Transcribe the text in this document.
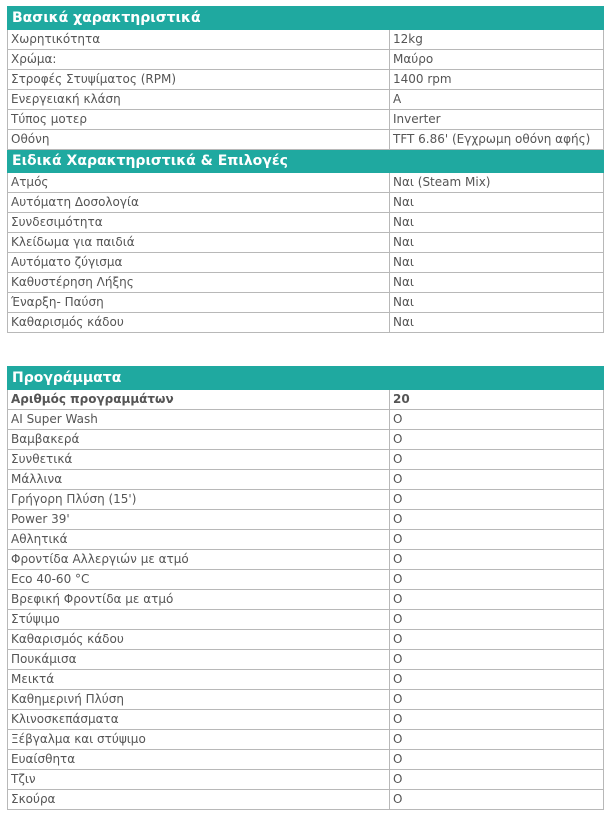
Βασικά χαρακτηριστικά	
Χωρητικότητα	12kg
Χρώμα:	Μαύρο
Στροφές Στυψίματος (RPM)	1400 rpm
Ενεργειακή κλάση	A
Τύπος μοτερ	Inverter
Οθόνη	TFT 6.86' (Εγχρωμη οθόνη αφής)
Ειδικά Χαρακτηριστικά & Επιλογές	
Ατμός	Ναι (Steam Mix)
Αυτόματη Δοσολογία	Ναι
Συνδεσιμότητα	Ναι
Κλείδωμα για παιδιά	Ναι
Αυτόματο ζύγισμα	Ναι
Καθυστέρηση Λήξης	Ναι
Έναρξη- Παύση	Ναι
Καθαρισμός κάδου	Ναι
Προγράμματα	
Αριθμός προγραμμάτων	20
AI Super Wash	O
Βαμβακερά	O
Συνθετικά	O
Μάλλινα	O
Γρήγορη Πλύση (15')	O
Power 39'	O
Αθλητικά	O
Φροντίδα Αλλεργιών με ατμό	O
Eco 40-60 °C	O
Βρεφική Φροντίδα με ατμό	O
Στύψιμο	O
Καθαρισμός κάδου	O
Πουκάμισα	O
Μεικτά	O
Καθημερινή Πλύση	O
Κλινοσκεπάσματα	O
Ξέβγαλμα και στύψιμο	O
Ευαίσθητα	O
Τζιν	O
Σκούρα	O
